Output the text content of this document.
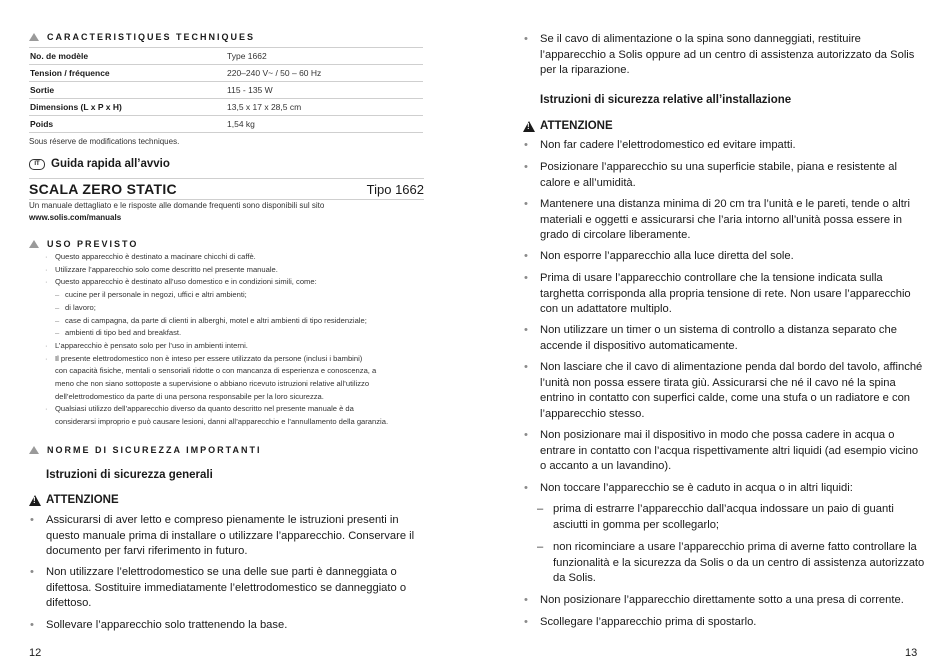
CARACTERISTIQUES TECHNIQUES
No. de modèle	Type 1662
Tension / fréquence	220–240 V~ / 50 – 60 Hz
Sortie	115 - 135 W
Dimensions (L x P x H)	13,5 x 17 x 28,5 cm
Poids	1,54 kg
Sous réserve de modifications techniques.
IT Guida rapida all’avvio
SCALA ZERO STATIC	Tipo 1662
Un manuale dettagliato e le risposte alle domande frequenti sono disponibili sul sito
www.solis.com/manuals
USO PREVISTO
· Questo apparecchio è destinato a macinare chicchi di caffè.
· Utilizzare l’apparecchio solo come descritto nel presente manuale.
· Questo apparecchio è destinato all’uso domestico e in condizioni simili, come:
– cucine per il personale in negozi, uffici e altri ambienti;
– di lavoro;
– case di campagna, da parte di clienti in alberghi, motel e altri ambienti di tipo residenziale;
– ambienti di tipo bed and breakfast.
· L’apparecchio è pensato solo per l’uso in ambienti interni.
· Il presente elettrodomestico non è inteso per essere utilizzato da persone (inclusi i bambini)
con capacità fisiche, mentali o sensoriali ridotte o con mancanza di esperienza e conoscenza, a
meno che non siano sottoposte a supervisione o abbiano ricevuto istruzioni relative all’utilizzo
dell’elettrodomestico da parte di una persona responsabile per la loro sicurezza.
· Qualsiasi utilizzo dell’apparecchio diverso da quanto descritto nel presente manuale è da
considerarsi improprio e può causare lesioni, danni all’apparecchio e l’annullamento della garanzia.
NORME DI SICUREZZA IMPORTANTI
Istruzioni di sicurezza generali
!
ATTENZIONE
• Assicurarsi di aver letto e compreso pienamente le istruzioni presenti in questo manuale prima di installare o utilizzare l’apparecchio. Conservare il documento per farvi riferimento in futuro.
• Non utilizzare l’elettrodomestico se una delle sue parti è danneggiata o difettosa. Sostituire immediatamente l’elettrodomestico se danneggiato o difettoso.
• Sollevare l’apparecchio solo trattenendo la base.
12
• Se il cavo di alimentazione o la spina sono danneggiati, restituire l’apparecchio a Solis oppure ad un centro di assistenza autorizzato da Solis per la riparazione.
Istruzioni di sicurezza relative all’installazione
!
ATTENZIONE
• Non far cadere l’elettrodomestico ed evitare impatti.
• Posizionare l’apparecchio su una superficie stabile, piana e resistente al calore e all’umidità.
• Mantenere una distanza minima di 20 cm tra l’unità e le pareti, tende o altri materiali e oggetti e assicurarsi che l’aria intorno all’unità possa essere in grado di circolare liberamente.
• Non esporre l’apparecchio alla luce diretta del sole.
• Prima di usare l’apparecchio controllare che la tensione indicata sulla targhetta corrisponda alla propria tensione di rete. Non usare l’apparecchio con un adattatore multiplo.
• Non utilizzare un timer o un sistema di controllo a distanza separato che accende il dispositivo automaticamente.
• Non lasciare che il cavo di alimentazione penda dal bordo del tavolo, affinché l’unità non possa essere tirata giù. Assicurarsi che né il cavo né la spina entrino in contatto con superfici calde, come una stufa o un radiatore e con l’apparecchio stesso.
• Non posizionare mai il dispositivo in modo che possa cadere in acqua o entrare in contatto con l’acqua rispettivamente altri liquidi (ad esempio vicino o accanto a un lavandino).
• Non toccare l’apparecchio se è caduto in acqua o in altri liquidi:
– prima di estrarre l’apparecchio dall’acqua indossare un paio di guanti asciutti in gomma per scollegarlo;
– non ricominciare a usare l’apparecchio prima di averne fatto controllare la funzionalità e la sicurezza da Solis o da un centro di assistenza autorizzato da Solis.
• Non posizionare l’apparecchio direttamente sotto a una presa di corrente.
• Scollegare l’apparecchio prima di spostarlo.
13
